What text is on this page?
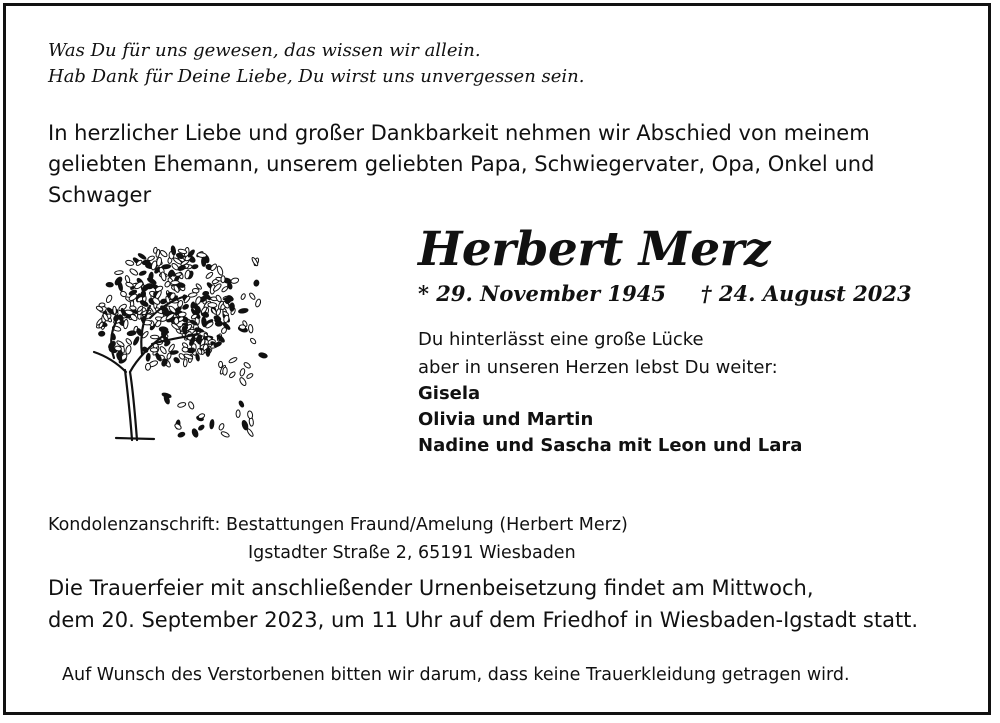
Was Du für uns gewesen, das wissen wir allein.
Hab Dank für Deine Liebe, Du wirst uns unvergessen sein.
In herzlicher Liebe und großer Dankbarkeit nehmen wir Abschied von meinem geliebten Ehemann, unserem geliebten Papa, Schwiegervater, Opa, Onkel und Schwager
Herbert Merz
* 29. November 1945 † 24. August 2023
Du hinterlässt eine große Lücke
aber in unseren Herzen lebst Du weiter:
Gisela
Olivia und Martin
Nadine und Sascha mit Leon und Lara
Kondolenzanschrift: Bestattungen Fraund/Amelung (Herbert Merz)
Igstadter Straße 2, 65191 Wiesbaden
Die Trauerfeier mit anschließender Urnenbeisetzung findet am Mittwoch,
dem 20. September 2023, um 11 Uhr auf dem Friedhof in Wiesbaden-Igstadt statt.
Auf Wunsch des Verstorbenen bitten wir darum, dass keine Trauerkleidung getragen wird.
